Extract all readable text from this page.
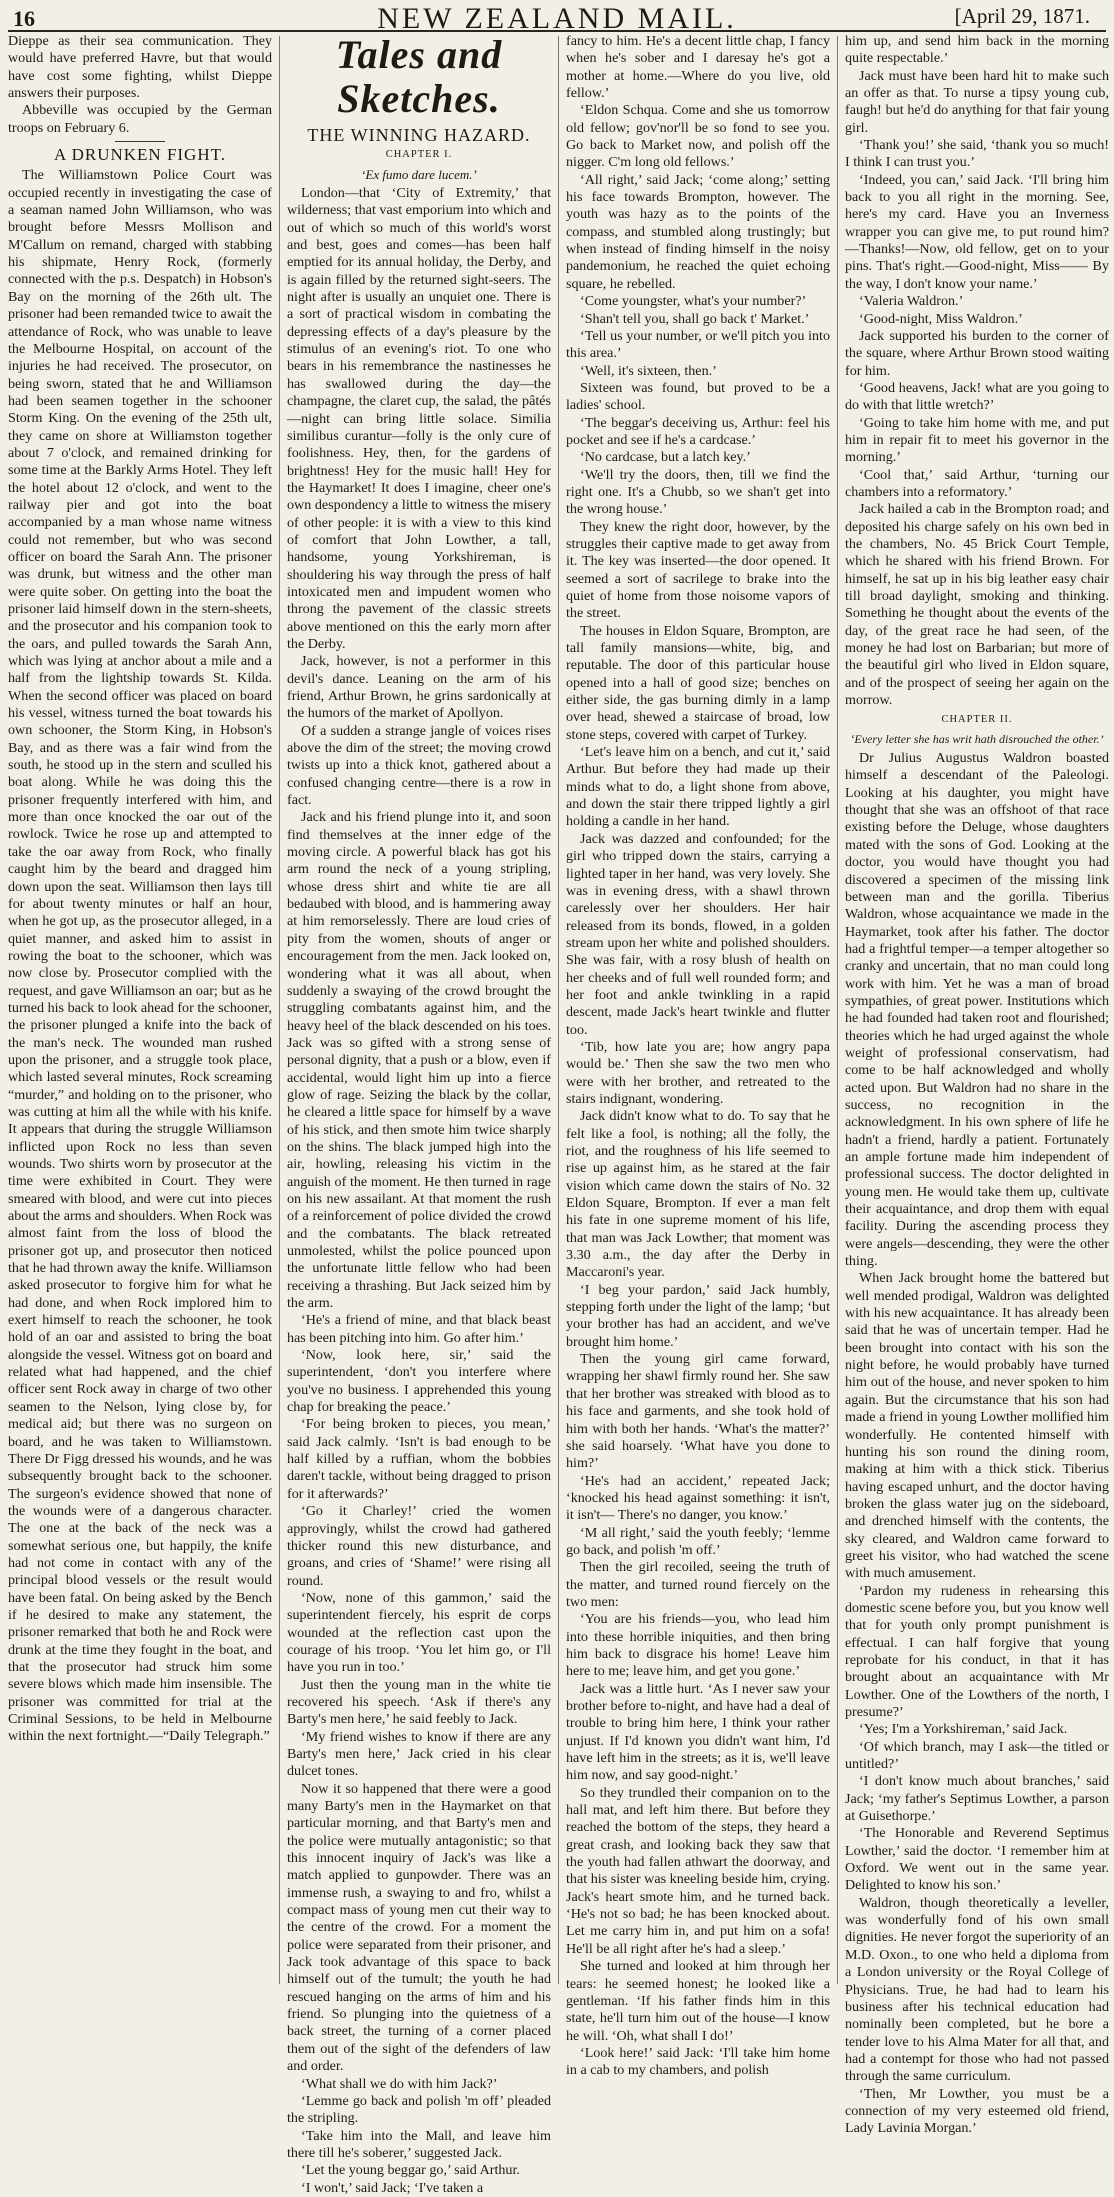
16	NEW ZEALAND MAIL.	[April 29, 1871.

Dieppe as their sea communication. They would have preferred Havre, but that would have cost some fighting, whilst Dieppe answers their purposes.

Abbeville was occupied by the German troops on February 6.

A DRUNKEN FIGHT.

The Williamstown Police Court was occupied recently in investigating the case of a seaman named John Williamson, who was brought before Messrs Mollison and M'Callum on remand, charged with stabbing his shipmate, Henry Rock, (formerly connected with the p.s. Despatch) in Hobson's Bay on the morning of the 26th ult. The prisoner had been remanded twice to await the attendance of Rock, who was unable to leave the Melbourne Hospital, on account of the injuries he had received. The prosecutor, on being sworn, stated that he and Williamson had been seamen together in the schooner Storm King. On the evening of the 25th ult, they came on shore at Williamston together about 7 o'clock, and remained drinking for some time at the Barkly Arms Hotel. They left the hotel about 12 o'clock, and went to the railway pier and got into the boat accompanied by a man whose name witness could not remember, but who was second officer on board the Sarah Ann. The prisoner was drunk, but witness and the other man were quite sober. On getting into the boat the prisoner laid himself down in the stern-sheets, and the prosecutor and his companion took to the oars, and pulled towards the Sarah Ann, which was lying at anchor about a mile and a half from the lightship towards St. Kilda. When the second officer was placed on board his vessel, witness turned the boat towards his own schooner, the Storm King, in Hobson's Bay, and as there was a fair wind from the south, he stood up in the stern and sculled his boat along. While he was doing this the prisoner frequently interfered with him, and more than once knocked the oar out of the rowlock. Twice he rose up and attempted to take the oar away from Rock, who finally caught him by the beard and dragged him down upon the seat. Williamson then lays till for about twenty minutes or half an hour, when he got up, as the prosecutor alleged, in a quiet manner, and asked him to assist in rowing the boat to the schooner, which was now close by. Prosecutor complied with the request, and gave Williamson an oar; but as he turned his back to look ahead for the schooner, the prisoner plunged a knife into the back of the man's neck. The wounded man rushed upon the prisoner, and a struggle took place, which lasted several minutes, Rock screaming “murder,” and holding on to the prisoner, who was cutting at him all the while with his knife. It appears that during the struggle Williamson inflicted upon Rock no less than seven wounds. Two shirts worn by prosecutor at the time were exhibited in Court. They were smeared with blood, and were cut into pieces about the arms and shoulders. When Rock was almost faint from the loss of blood the prisoner got up, and prosecutor then noticed that he had thrown away the knife. Williamson asked prosecutor to forgive him for what he had done, and when Rock implored him to exert himself to reach the schooner, he took hold of an oar and assisted to bring the boat alongside the vessel. Witness got on board and related what had happened, and the chief officer sent Rock away in charge of two other seamen to the Nelson, lying close by, for medical aid; but there was no surgeon on board, and he was taken to Williamstown. There Dr Figg dressed his wounds, and he was subsequently brought back to the schooner. The surgeon's evidence showed that none of the wounds were of a dangerous character. The one at the back of the neck was a somewhat serious one, but happily, the knife had not come in contact with any of the principal blood vessels or the result would have been fatal. On being asked by the Bench if he desired to make any statement, the prisoner remarked that both he and Rock were drunk at the time they fought in the boat, and that the prosecutor had struck him some severe blows which made him insensible. The prisoner was committed for trial at the Criminal Sessions, to be held in Melbourne within the next fortnight.—“Daily Telegraph.”

Tales and Sketches.
THE WINNING HAZARD.
CHAPTER I.
‘Ex fumo dare lucem.’

London—that ‘City of Extremity,’ that wilderness; that vast emporium into which and out of which so much of this world's worst and best, goes and comes—has been half emptied for its annual holiday, the Derby, and is again filled by the returned sight-seers. The night after is usually an unquiet one. There is a sort of practical wisdom in combating the depressing effects of a day's pleasure by the stimulus of an evening's riot. To one who bears in his remembrance the nastinesses he has swallowed during the day—the champagne, the claret cup, the salad, the pâtés—night can bring little solace. Similia similibus curantur—folly is the only cure of foolishness. Hey, then, for the gardens of brightness! Hey for the music hall! Hey for the Haymarket! It does I imagine, cheer one's own despondency a little to witness the misery of other people: it is with a view to this kind of comfort that John Lowther, a tall, handsome, young Yorkshireman, is shouldering his way through the press of half intoxicated men and impudent women who throng the pavement of the classic streets above mentioned on this the early morn after the Derby.

Jack, however, is not a performer in this devil's dance. Leaning on the arm of his friend, Arthur Brown, he grins sardonically at the humors of the market of Apollyon.

Of a sudden a strange jangle of voices rises above the dim of the street; the moving crowd twists up into a thick knot, gathered about a confused changing centre—there is a row in fact.

Jack and his friend plunge into it, and soon find themselves at the inner edge of the moving circle. A powerful black has got his arm round the neck of a young stripling, whose dress shirt and white tie are all bedaubed with blood, and is hammering away at him remorselessly. There are loud cries of pity from the women, shouts of anger or encouragement from the men. Jack looked on, wondering what it was all about, when suddenly a swaying of the crowd brought the struggling combatants against him, and the heavy heel of the black descended on his toes. Jack was so gifted with a strong sense of personal dignity, that a push or a blow, even if accidental, would light him up into a fierce glow of rage. Seizing the black by the collar, he cleared a little space for himself by a wave of his stick, and then smote him twice sharply on the shins. The black jumped high into the air, howling, releasing his victim in the anguish of the moment. He then turned in rage on his new assailant. At that moment the rush of a reinforcement of police divided the crowd and the combatants. The black retreated unmolested, whilst the police pounced upon the unfortunate little fellow who had been receiving a thrashing. But Jack seized him by the arm.

‘He's a friend of mine, and that black beast has been pitching into him. Go after him.’

‘Now, look here, sir,’ said the superintendent, ‘don't you interfere where you've no business. I apprehended this young chap for breaking the peace.’

‘For being broken to pieces, you mean,’ said Jack calmly. ‘Isn't is bad enough to be half killed by a ruffian, whom the bobbies daren't tackle, without being dragged to prison for it afterwards?’

‘Go it Charley!’ cried the women approvingly, whilst the crowd had gathered thicker round this new disturbance, and groans, and cries of ‘Shame!’ were rising all round.

‘Now, none of this gammon,’ said the superintendent fiercely, his esprit de corps wounded at the reflection cast upon the courage of his troop. ‘You let him go, or I'll have you run in too.’

Just then the young man in the white tie recovered his speech. ‘Ask if there's any Barty's men here,’ he said feebly to Jack.

‘My friend wishes to know if there are any Barty's men here,’ Jack cried in his clear dulcet tones.

Now it so happened that there were a good many Barty's men in the Haymarket on that particular morning, and that Barty's men and the police were mutually antagonistic; so that this innocent inquiry of Jack's was like a match applied to gunpowder. There was an immense rush, a swaying to and fro, whilst a compact mass of young men cut their way to the centre of the crowd. For a moment the police were separated from their prisoner, and Jack took advantage of this space to back himself out of the tumult; the youth he had rescued hanging on the arms of him and his friend. So plunging into the quietness of a back street, the turning of a corner placed them out of the sight of the defenders of law and order.

‘What shall we do with him Jack?’

‘Lemme go back and polish 'm off’ pleaded the stripling.

‘Take him into the Mall, and leave him there till he's soberer,’ suggested Jack.

‘Let the young beggar go,’ said Arthur.

‘I won't,’ said Jack; ‘I've taken a

fancy to him. He's a decent little chap, I fancy when he's sober and I daresay he's got a mother at home.—Where do you live, old fellow.’

‘Eldon Schqua. Come and she us tomorrow old fellow; gov'nor'll be so fond to see you. Go back to Market now, and polish off the nigger. C'm long old fellows.’

‘All right,’ said Jack; ‘come along;’ setting his face towards Brompton, however. The youth was hazy as to the points of the compass, and stumbled along trustingly; but when instead of finding himself in the noisy pandemonium, he reached the quiet echoing square, he rebelled.

‘Come youngster, what's your number?’

‘Shan't tell you, shall go back t' Market.’

‘Tell us your number, or we'll pitch you into this area.’

‘Well, it's sixteen, then.’

Sixteen was found, but proved to be a ladies' school.

‘The beggar's deceiving us, Arthur: feel his pocket and see if he's a cardcase.’

‘No cardcase, but a latch key.’

‘We'll try the doors, then, till we find the right one. It's a Chubb, so we shan't get into the wrong house.’

They knew the right door, however, by the struggles their captive made to get away from it. The key was inserted—the door opened. It seemed a sort of sacrilege to brake into the quiet of home from those noisome vapors of the street.

The houses in Eldon Square, Brompton, are tall family mansions—white, big, and reputable. The door of this particular house opened into a hall of good size; benches on either side, the gas burning dimly in a lamp over head, shewed a staircase of broad, low stone steps, covered with carpet of Turkey.

‘Let's leave him on a bench, and cut it,’ said Arthur. But before they had made up their minds what to do, a light shone from above, and down the stair there tripped lightly a girl holding a candle in her hand.

Jack was dazzed and confounded; for the girl who tripped down the stairs, carrying a lighted taper in her hand, was very lovely. She was in evening dress, with a shawl thrown carelessly over her shoulders. Her hair released from its bonds, flowed, in a golden stream upon her white and polished shoulders. She was fair, with a rosy blush of health on her cheeks and of full well rounded form; and her foot and ankle twinkling in a rapid descent, made Jack's heart twinkle and flutter too.

‘Tib, how late you are; how angry papa would be.’ Then she saw the two men who were with her brother, and retreated to the stairs indignant, wondering.

Jack didn't know what to do. To say that he felt like a fool, is nothing; all the folly, the riot, and the roughness of his life seemed to rise up against him, as he stared at the fair vision which came down the stairs of No. 32 Eldon Square, Brompton. If ever a man felt his fate in one supreme moment of his life, that man was Jack Lowther; that moment was 3.30 a.m., the day after the Derby in Maccaroni's year.

‘I beg your pardon,’ said Jack humbly, stepping forth under the light of the lamp; ‘but your brother has had an accident, and we've brought him home.’

Then the young girl came forward, wrapping her shawl firmly round her. She saw that her brother was streaked with blood as to his face and garments, and she took hold of him with both her hands. ‘What's the matter?’ she said hoarsely. ‘What have you done to him?’

‘He's had an accident,’ repeated Jack; ‘knocked his head against something: it isn't, it isn't— There's no danger, you know.’

‘M all right,’ said the youth feebly; ‘lemme go back, and polish 'm off.’

Then the girl recoiled, seeing the truth of the matter, and turned round fiercely on the two men:

‘You are his friends—you, who lead him into these horrible iniquities, and then bring him back to disgrace his home! Leave him here to me; leave him, and get you gone.’

Jack was a little hurt. ‘As I never saw your brother before to-night, and have had a deal of trouble to bring him here, I think your rather unjust. If I'd known you didn't want him, I'd have left him in the streets; as it is, we'll leave him now, and say good-night.’

So they trundled their companion on to the hall mat, and left him there. But before they reached the bottom of the steps, they heard a great crash, and looking back they saw that the youth had fallen athwart the doorway, and that his sister was kneeling beside him, crying. Jack's heart smote him, and he turned back. ‘He's not so bad; he has been knocked about. Let me carry him in, and put him on a sofa! He'll be all right after he's had a sleep.’

She turned and looked at him through her tears: he seemed honest; he looked like a gentleman. ‘If his father finds him in this state, he'll turn him out of the house—I know he will. ‘Oh, what shall I do!’

‘Look here!’ said Jack: ‘I'll take him home in a cab to my chambers, and polish

him up, and send him back in the morning quite respectable.’

Jack must have been hard hit to make such an offer as that. To nurse a tipsy young cub, faugh! but he'd do anything for that fair young girl.

‘Thank you!’ she said, ‘thank you so much! I think I can trust you.’

‘Indeed, you can,’ said Jack. ‘I'll bring him back to you all right in the morning. See, here's my card. Have you an Inverness wrapper you can give me, to put round him?—Thanks!—Now, old fellow, get on to your pins. That's right.—Good-night, Miss—— By the way, I don't know your name.’

‘Valeria Waldron.’

‘Good-night, Miss Waldron.’

Jack supported his burden to the corner of the square, where Arthur Brown stood waiting for him.

‘Good heavens, Jack! what are you going to do with that little wretch?’

‘Going to take him home with me, and put him in repair fit to meet his governor in the morning.’

‘Cool that,’ said Arthur, ‘turning our chambers into a reformatory.’

Jack hailed a cab in the Brompton road; and deposited his charge safely on his own bed in the chambers, No. 45 Brick Court Temple, which he shared with his friend Brown. For himself, he sat up in his big leather easy chair till broad daylight, smoking and thinking. Something he thought about the events of the day, of the great race he had seen, of the money he had lost on Barbarian; but more of the beautiful girl who lived in Eldon square, and of the prospect of seeing her again on the morrow.

CHAPTER II.
‘Every letter she has writ hath disrouched the other.’

Dr Julius Augustus Waldron boasted himself a descendant of the Paleologi. Looking at his daughter, you might have thought that she was an offshoot of that race existing before the Deluge, whose daughters mated with the sons of God. Looking at the doctor, you would have thought you had discovered a specimen of the missing link between man and the gorilla. Tiberius Waldron, whose acquaintance we made in the Haymarket, took after his father. The doctor had a frightful temper—a temper altogether so cranky and uncertain, that no man could long work with him. Yet he was a man of broad sympathies, of great power. Institutions which he had founded had taken root and flourished; theories which he had urged against the whole weight of professional conservatism, had come to be half acknowledged and wholly acted upon. But Waldron had no share in the success, no recognition in the acknowledgment. In his own sphere of life he hadn't a friend, hardly a patient. Fortunately an ample fortune made him independent of professional success. The doctor delighted in young men. He would take them up, cultivate their acquaintance, and drop them with equal facility. During the ascending process they were angels—descending, they were the other thing.

When Jack brought home the battered but well mended prodigal, Waldron was delighted with his new acquaintance. It has already been said that he was of uncertain temper. Had he been brought into contact with his son the night before, he would probably have turned him out of the house, and never spoken to him again. But the circumstance that his son had made a friend in young Lowther mollified him wonderfully. He contented himself with hunting his son round the dining room, making at him with a thick stick. Tiberius having escaped unhurt, and the doctor having broken the glass water jug on the sideboard, and drenched himself with the contents, the sky cleared, and Waldron came forward to greet his visitor, who had watched the scene with much amusement.

‘Pardon my rudeness in rehearsing this domestic scene before you, but you know well that for youth only prompt punishment is effectual. I can half forgive that young reprobate for his conduct, in that it has brought about an acquaintance with Mr Lowther. One of the Lowthers of the north, I presume?’

‘Yes; I'm a Yorkshireman,’ said Jack.

‘Of which branch, may I ask—the titled or untitled?’

‘I don't know much about branches,’ said Jack; ‘my father's Septimus Lowther, a parson at Guisethorpe.’

‘The Honorable and Reverend Septimus Lowther,’ said the doctor. ‘I remember him at Oxford. We went out in the same year. Delighted to know his son.’

Waldron, though theoretically a leveller, was wonderfully fond of his own small dignities. He never forgot the superiority of an M.D. Oxon., to one who held a diploma from a London university or the Royal College of Physicians. True, he had had to learn his business after his technical education had nominally been completed, but he bore a tender love to his Alma Mater for all that, and had a contempt for those who had not passed through the same curriculum.

‘Then, Mr Lowther, you must be a connection of my very esteemed old friend, Lady Lavinia Morgan.’
